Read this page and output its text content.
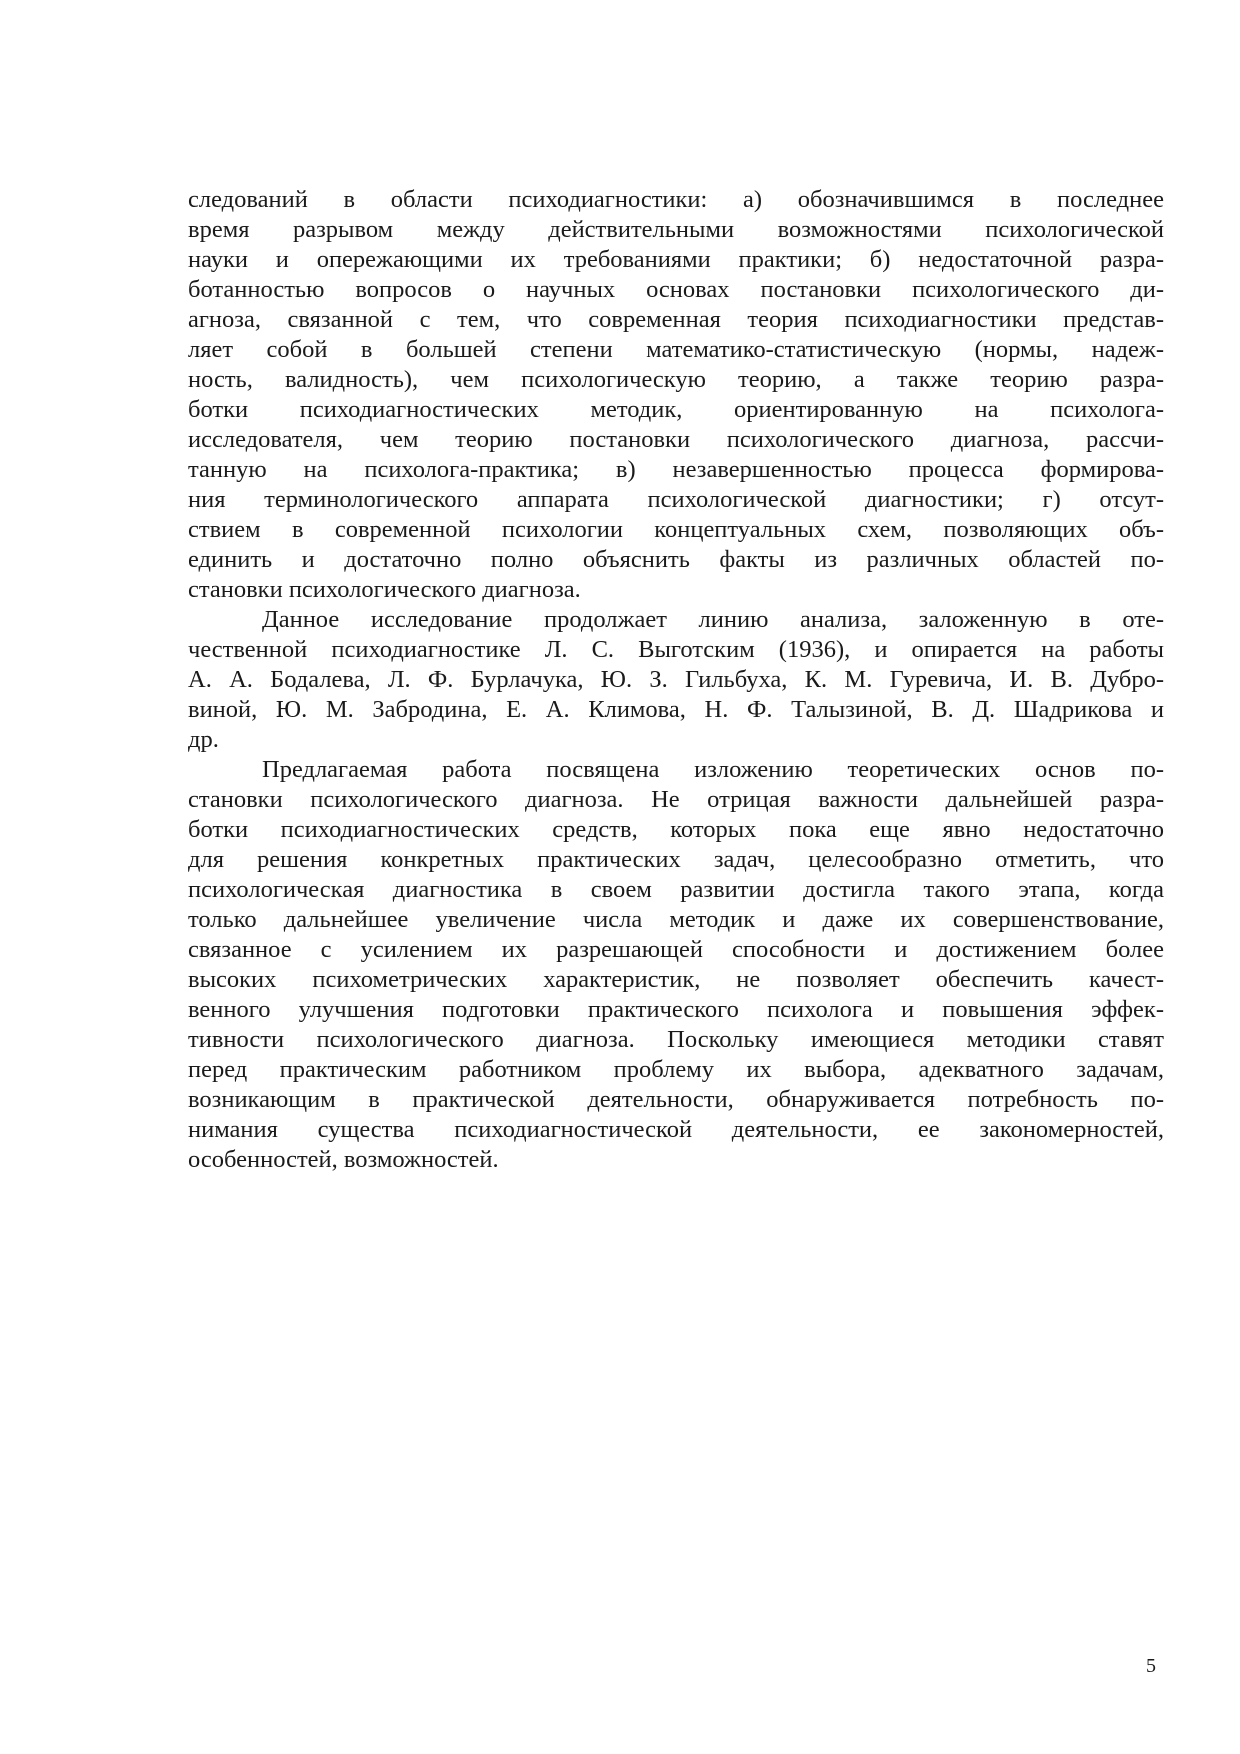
следований в области психодиагностики: а) обозначившимся в последнее
время разрывом между действительными возможностями психологической
науки и опережающими их требованиями практики; б) недостаточной разра-
ботанностью вопросов о научных основах постановки психологического ди-
агноза, связанной с тем, что современная теория психодиагностики представ-
ляет собой в большей степени математико-статистическую (нормы, надеж-
ность, валидность), чем психологическую теорию, а также теорию разра-
ботки психодиагностических методик, ориентированную на психолога-
исследователя, чем теорию постановки психологического диагноза, рассчи-
танную на психолога-практика; в) незавершенностью процесса формирова-
ния терминологического аппарата психологической диагностики; г) отсут-
ствием в современной психологии концептуальных схем, позволяющих объ-
единить и достаточно полно объяснить факты из различных областей по-
становки психологического диагноза.
Данное исследование продолжает линию анализа, заложенную в оте-
чественной психодиагностике Л. С. Выготским (1936), и опирается на работы
А. А. Бодалева, Л. Ф. Бурлачука, Ю. З. Гильбуха, К. М. Гуревича, И. В. Дубро-
виной, Ю. М. Забродина, Е. А. Климова, Н. Ф. Талызиной, В. Д. Шадрикова и
др.
Предлагаемая работа посвящена изложению теоретических основ по-
становки психологического диагноза. Не отрицая важности дальнейшей разра-
ботки психодиагностических средств, которых пока еще явно недостаточно
для решения конкретных практических задач, целесообразно отметить, что
психологическая диагностика в своем развитии достигла такого этапа, когда
только дальнейшее увеличение числа методик и даже их совершенствование,
связанное с усилением их разрешающей способности и достижением более
высоких психометрических характеристик, не позволяет обеспечить качест-
венного улучшения подготовки практического психолога и повышения эффек-
тивности психологического диагноза. Поскольку имеющиеся методики ставят
перед практическим работником проблему их выбора, адекватного задачам,
возникающим в практической деятельности, обнаруживается потребность по-
нимания существа психодиагностической деятельности, ее закономерностей,
особенностей, возможностей.
5
